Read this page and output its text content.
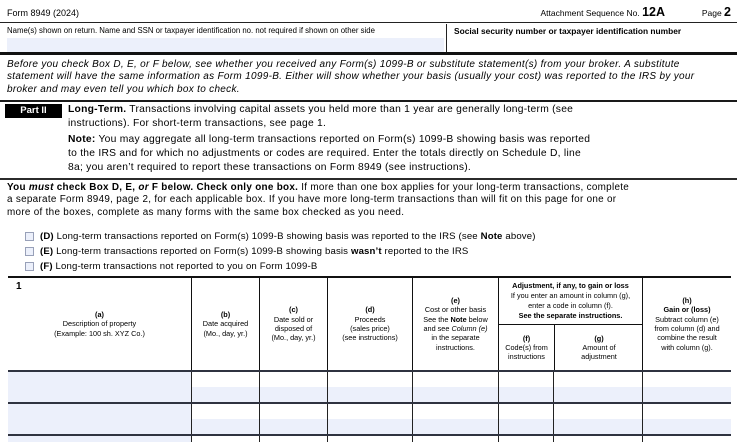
Form 8949 (2024)	Attachment Sequence No. 12A	Page 2
Name(s) shown on return. Name and SSN or taxpayer identification no. not required if shown on other side	Social security number or taxpayer identification number
Before you check Box D, E, or F below, see whether you received any Form(s) 1099-B or substitute statement(s) from your broker. A substitute
statement will have the same information as Form 1099-B. Either will show whether your basis (usually your cost) was reported to the IRS by your
broker and may even tell you which box to check.
Part II	Long-Term. Transactions involving capital assets you held more than 1 year are generally long-term (see
instructions). For short-term transactions, see page 1.
Note: You may aggregate all long-term transactions reported on Form(s) 1099-B showing basis was reported
to the IRS and for which no adjustments or codes are required. Enter the totals directly on Schedule D, line
8a; you aren’t required to report these transactions on Form 8949 (see instructions).
You must check Box D, E, or F below. Check only one box. If more than one box applies for your long-term transactions, complete
a separate Form 8949, page 2, for each applicable box. If you have more long-term transactions than will fit on this page for one or
more of the boxes, complete as many forms with the same box checked as you need.
(D) Long-term transactions reported on Form(s) 1099-B showing basis was reported to the IRS (see Note above)
(E) Long-term transactions reported on Form(s) 1099-B showing basis wasn’t reported to the IRS
(F) Long-term transactions not reported to you on Form 1099-B
1
(a)
Description of property
(Example: 100 sh. XYZ Co.)
(b)
Date acquired
(Mo., day, yr.)
(c)
Date sold or
disposed of
(Mo., day, yr.)
(d)
Proceeds
(sales price)
(see instructions)
(e)
Cost or other basis
See the Note below
and see Column (e)
in the separate
instructions.
Adjustment, if any, to gain or loss
If you enter an amount in column (g),
enter a code in column (f).
See the separate instructions.
(f)
Code(s) from
instructions
(g)
Amount of
adjustment
(h)
Gain or (loss)
Subtract column (e)
from column (d) and
combine the result
with column (g).
